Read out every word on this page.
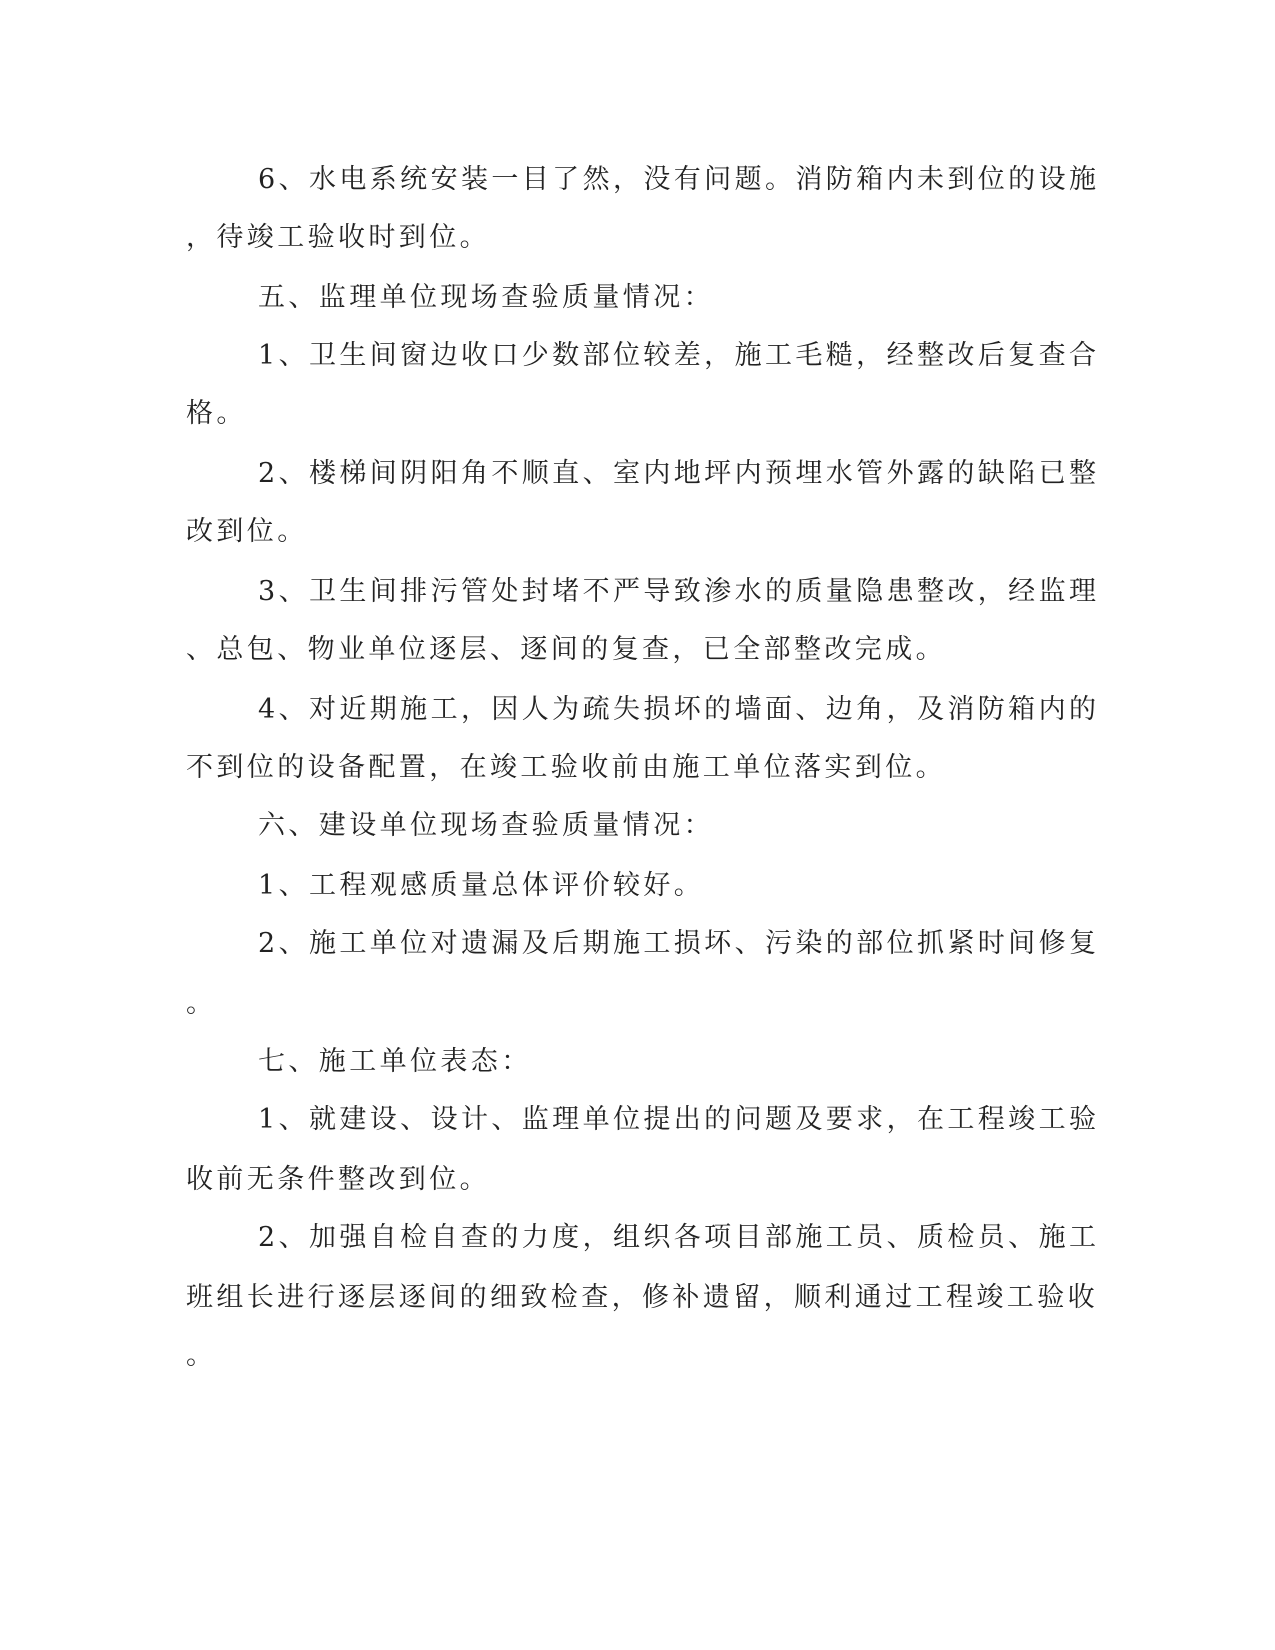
6、水电系统安装一目了然，没有问题。消防箱内未到位的设施
，待竣工验收时到位。
五、监理单位现场查验质量情况：
1、卫生间窗边收口少数部位较差，施工毛糙，经整改后复查合
格。
2、楼梯间阴阳角不顺直、室内地坪内预埋水管外露的缺陷已整
改到位。
3、卫生间排污管处封堵不严导致渗水的质量隐患整改，经监理
、总包、物业单位逐层、逐间的复查，已全部整改完成。
4、对近期施工，因人为疏失损坏的墙面、边角，及消防箱内的
不到位的设备配置，在竣工验收前由施工单位落实到位。
六、建设单位现场查验质量情况：
1、工程观感质量总体评价较好。
2、施工单位对遗漏及后期施工损坏、污染的部位抓紧时间修复
。
七、施工单位表态：
1、就建设、设计、监理单位提出的问题及要求，在工程竣工验
收前无条件整改到位。
2、加强自检自查的力度，组织各项目部施工员、质检员、施工
班组长进行逐层逐间的细致检查，修补遗留，顺利通过工程竣工验收
。
